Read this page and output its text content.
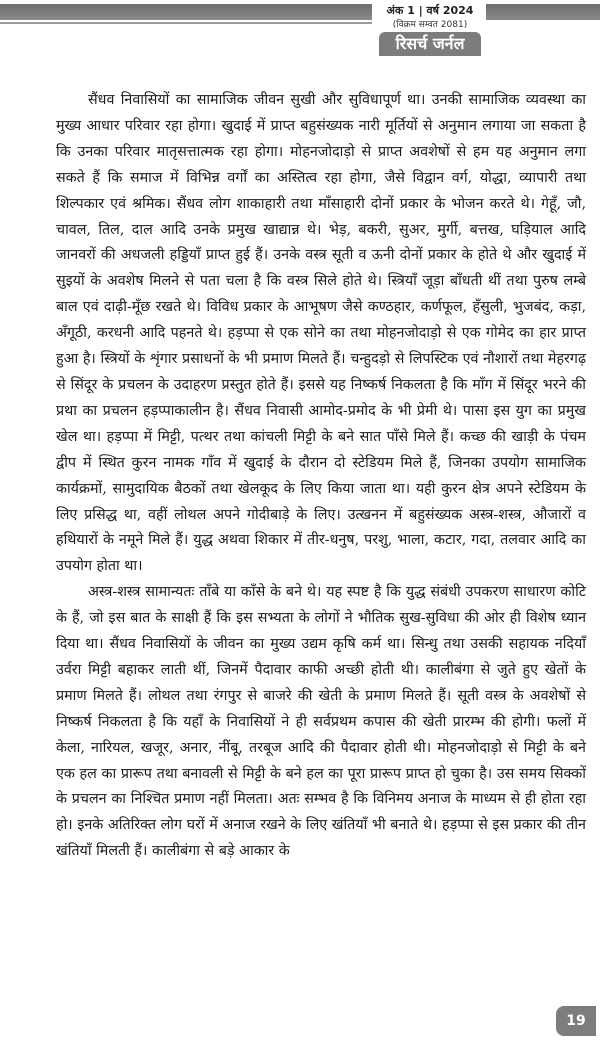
अंक 1 | वर्ष 2024
(विक्रम सम्वत 2081)
रिसर्च जर्नल

सैंधव निवासियों का सामाजिक जीवन सुखी और सुविधापूर्ण था। उनकी सामाजिक व्यवस्था का मुख्य आधार परिवार रहा होगा। खुदाई में प्राप्त बहुसंख्यक नारी मूर्तियों से अनुमान लगाया जा सकता है कि उनका परिवार मातृसत्तात्मक रहा होगा। मोहनजोदाड़ो से प्राप्त अवशेषों से हम यह अनुमान लगा सकते हैं कि समाज में विभिन्न वर्गों का अस्तित्व रहा होगा, जैसे विद्वान वर्ग, योद्धा, व्यापारी तथा शिल्पकार एवं श्रमिक। सैंधव लोग शाकाहारी तथा माँसाहारी दोनों प्रकार के भोजन करते थे। गेहूँ, जौ, चावल, तिल, दाल आदि उनके प्रमुख खाद्यान्न थे। भेड़, बकरी, सुअर, मुर्गी, बत्तख, घड़ियाल आदि जानवरों की अधजली हड्डियाँ प्राप्त हुई हैं। उनके वस्त्र सूती व ऊनी दोनों प्रकार के होते थे और खुदाई में सुइयों के अवशेष मिलने से पता चला है कि वस्त्र सिले होते थे। स्त्रियाँ जूड़ा बाँधती थीं तथा पुरुष लम्बे बाल एवं दाढ़ी-मूँछ रखते थे। विविध प्रकार के आभूषण जैसे कण्ठहार, कर्णफूल, हँसुली, भुजबंद, कड़ा, अँगूठी, करधनी आदि पहनते थे। हड़प्पा से एक सोने का तथा मोहनजोदाड़ो से एक गोमेद का हार प्राप्त हुआ है। स्त्रियों के शृंगार प्रसाधनों के भी प्रमाण मिलते हैं। चन्हुदड़ो से लिपस्टिक एवं नौशारों तथा मेहरगढ़ से सिंदूर के प्रचलन के उदाहरण प्रस्तुत होते हैं। इससे यह निष्कर्ष निकलता है कि माँग में सिंदूर भरने की प्रथा का प्रचलन हड़प्पाकालीन है। सैंधव निवासी आमोद-प्रमोद के भी प्रेमी थे। पासा इस युग का प्रमुख खेल था। हड़प्पा में मिट्टी, पत्थर तथा कांचली मिट्टी के बने सात पाँसे मिले हैं। कच्छ की खाड़ी के पंचम द्वीप में स्थित कुरन नामक गाँव में खुदाई के दौरान दो स्टेडियम मिले हैं, जिनका उपयोग सामाजिक कार्यक्रमों, सामुदायिक बैठकों तथा खेलकूद के लिए किया जाता था। यही कुरन क्षेत्र अपने स्टेडियम के लिए प्रसिद्ध था, वहीं लोथल अपने गोदीबाड़े के लिए। उत्खनन में बहुसंख्यक अस्त्र-शस्त्र, औजारों व हथियारों के नमूने मिले हैं। युद्ध अथवा शिकार में तीर-धनुष, परशु, भाला, कटार, गदा, तलवार आदि का उपयोग होता था।

अस्त्र-शस्त्र सामान्यतः ताँबे या काँसे के बने थे। यह स्पष्ट है कि युद्ध संबंधी उपकरण साधारण कोटि के हैं, जो इस बात के साक्षी हैं कि इस सभ्यता के लोगों ने भौतिक सुख-सुविधा की ओर ही विशेष ध्यान दिया था। सैंधव निवासियों के जीवन का मुख्य उद्यम कृषि कर्म था। सिन्धु तथा उसकी सहायक नदियाँ उर्वरा मिट्टी बहाकर लाती थीं, जिनमें पैदावार काफी अच्छी होती थी। कालीबंगा से जुते हुए खेतों के प्रमाण मिलते हैं। लोथल तथा रंगपुर से बाजरे की खेती के प्रमाण मिलते हैं। सूती वस्त्र के अवशेषों से निष्कर्ष निकलता है कि यहाँ के निवासियों ने ही सर्वप्रथम कपास की खेती प्रारम्भ की होगी। फलों में केला, नारियल, खजूर, अनार, नींबू, तरबूज आदि की पैदावार होती थी। मोहनजोदाड़ो से मिट्टी के बने एक हल का प्रारूप तथा बनावली से मिट्टी के बने हल का पूरा प्रारूप प्राप्त हो चुका है। उस समय सिक्कों के प्रचलन का निश्चित प्रमाण नहीं मिलता। अतः सम्भव है कि विनिमय अनाज के माध्यम से ही होता रहा हो। इनके अतिरिक्त लोग घरों में अनाज रखने के लिए खंतियाँ भी बनाते थे। हड़प्पा से इस प्रकार की तीन खंतियाँ मिलती हैं। कालीबंगा से बड़े आकार के

19
